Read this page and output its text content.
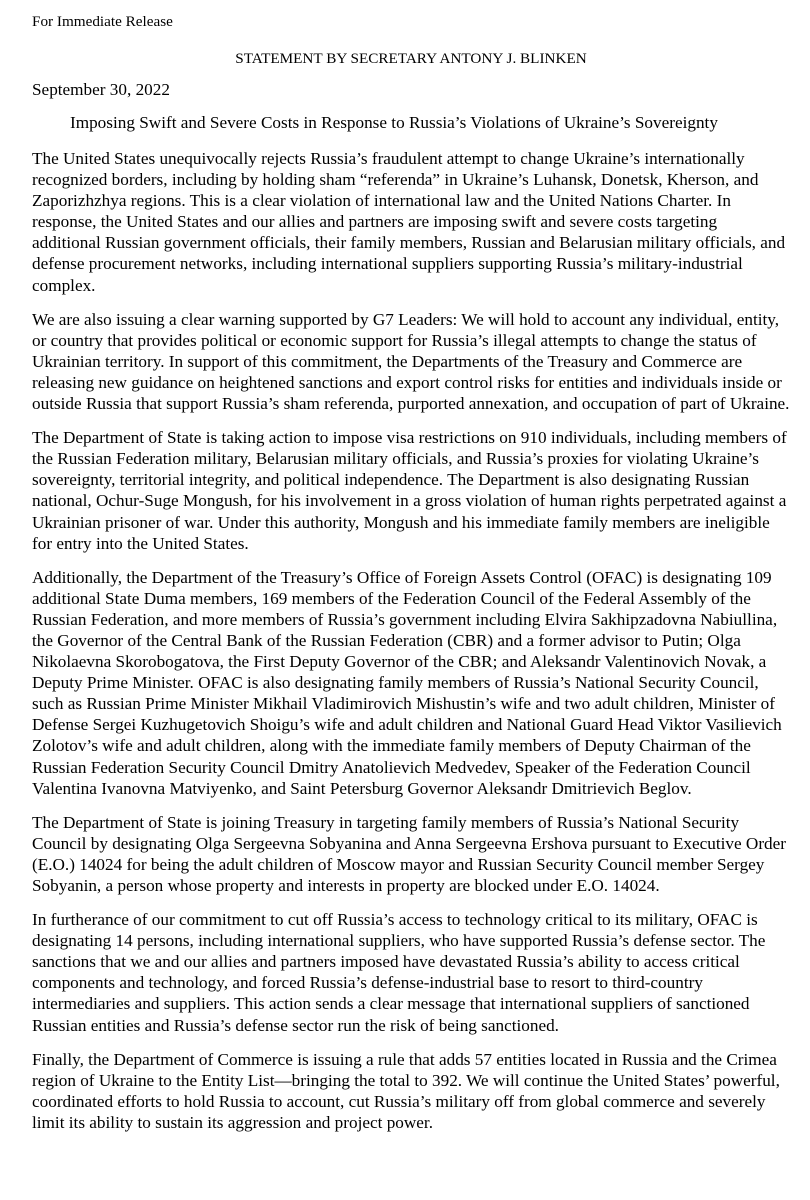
For Immediate Release

STATEMENT BY SECRETARY ANTONY J. BLINKEN

September 30, 2022

Imposing Swift and Severe Costs in Response to Russia’s Violations of Ukraine’s Sovereignty

The United States unequivocally rejects Russia’s fraudulent attempt to change Ukraine’s internationally recognized borders, including by holding sham “referenda” in Ukraine’s Luhansk, Donetsk, Kherson, and Zaporizhzhya regions. This is a clear violation of international law and the United Nations Charter. In response, the United States and our allies and partners are imposing swift and severe costs targeting additional Russian government officials, their family members, Russian and Belarusian military officials, and defense procurement networks, including international suppliers supporting Russia’s military-industrial complex.

We are also issuing a clear warning supported by G7 Leaders: We will hold to account any individual, entity, or country that provides political or economic support for Russia’s illegal attempts to change the status of Ukrainian territory. In support of this commitment, the Departments of the Treasury and Commerce are releasing new guidance on heightened sanctions and export control risks for entities and individuals inside or outside Russia that support Russia’s sham referenda, purported annexation, and occupation of part of Ukraine.

The Department of State is taking action to impose visa restrictions on 910 individuals, including members of the Russian Federation military, Belarusian military officials, and Russia’s proxies for violating Ukraine’s sovereignty, territorial integrity, and political independence. The Department is also designating Russian national, Ochur-Suge Mongush, for his involvement in a gross violation of human rights perpetrated against a Ukrainian prisoner of war. Under this authority, Mongush and his immediate family members are ineligible for entry into the United States.

Additionally, the Department of the Treasury’s Office of Foreign Assets Control (OFAC) is designating 109 additional State Duma members, 169 members of the Federation Council of the Federal Assembly of the Russian Federation, and more members of Russia’s government including Elvira Sakhipzadovna Nabiullina, the Governor of the Central Bank of the Russian Federation (CBR) and a former advisor to Putin; Olga Nikolaevna Skorobogatova, the First Deputy Governor of the CBR; and Aleksandr Valentinovich Novak, a Deputy Prime Minister. OFAC is also designating family members of Russia’s National Security Council, such as Russian Prime Minister Mikhail Vladimirovich Mishustin’s wife and two adult children, Minister of Defense Sergei Kuzhugetovich Shoigu’s wife and adult children and National Guard Head Viktor Vasilievich Zolotov’s wife and adult children, along with the immediate family members of Deputy Chairman of the Russian Federation Security Council Dmitry Anatolievich Medvedev, Speaker of the Federation Council Valentina Ivanovna Matviyenko, and Saint Petersburg Governor Aleksandr Dmitrievich Beglov.

The Department of State is joining Treasury in targeting family members of Russia’s National Security Council by designating Olga Sergeevna Sobyanina and Anna Sergeevna Ershova pursuant to Executive Order (E.O.) 14024 for being the adult children of Moscow mayor and Russian Security Council member Sergey Sobyanin, a person whose property and interests in property are blocked under E.O. 14024.

In furtherance of our commitment to cut off Russia’s access to technology critical to its military, OFAC is designating 14 persons, including international suppliers, who have supported Russia’s defense sector. The sanctions that we and our allies and partners imposed have devastated Russia’s ability to access critical components and technology, and forced Russia’s defense-industrial base to resort to third-country intermediaries and suppliers. This action sends a clear message that international suppliers of sanctioned Russian entities and Russia’s defense sector run the risk of being sanctioned.

Finally, the Department of Commerce is issuing a rule that adds 57 entities located in Russia and the Crimea region of Ukraine to the Entity List—bringing the total to 392. We will continue the United States’ powerful, coordinated efforts to hold Russia to account, cut Russia’s military off from global commerce and severely limit its ability to sustain its aggression and project power.
